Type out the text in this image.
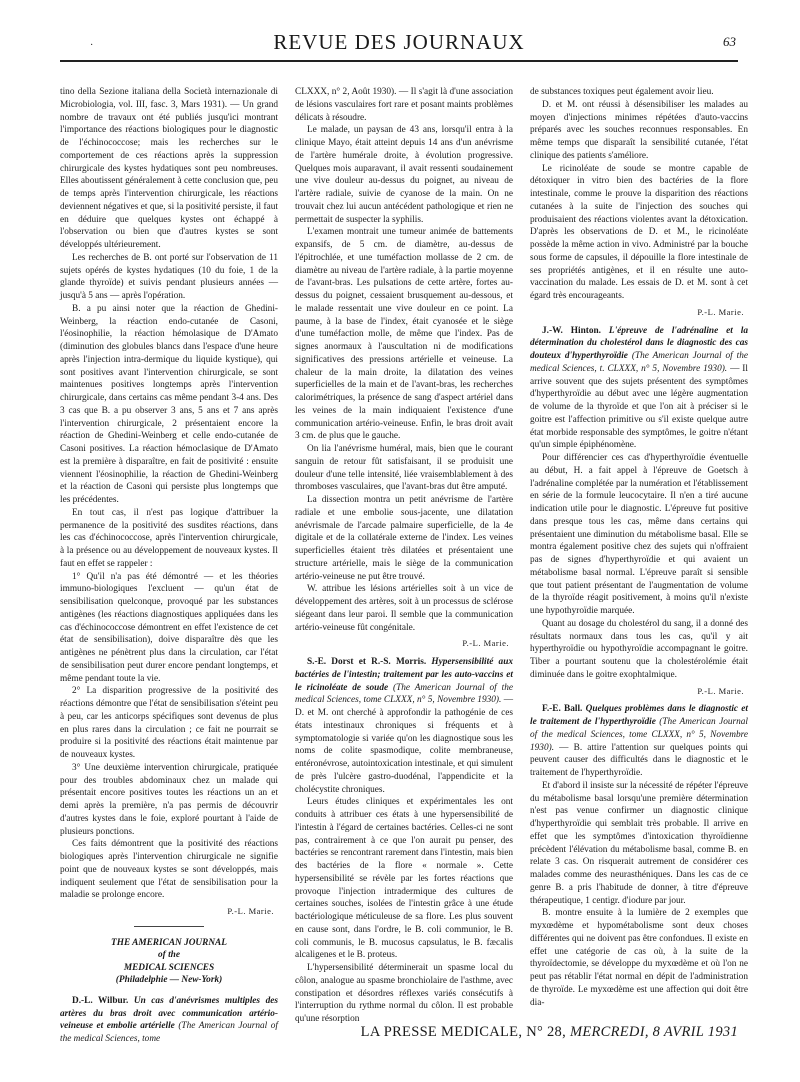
·	REVUE DES JOURNAUX	63

tino della Sezione italiana della Società internazionale di Microbiologia, vol. III, fasc. 3, Mars 1931). — Un grand nombre de travaux ont été publiés jusqu'ici montrant l'importance des réactions biologiques pour le diagnostic de l'échinococcose; mais les recherches sur le comportement de ces réactions après la suppression chirurgicale des kystes hydatiques sont peu nombreuses. Elles aboutissent généralement à cette conclusion que, peu de temps après l'intervention chirurgicale, les réactions deviennent négatives et que, si la positivité persiste, il faut en déduire que quelques kystes ont échappé à l'observation ou bien que d'autres kystes se sont développés ultérieurement.

Les recherches de B. ont porté sur l'observation de 11 sujets opérés de kystes hydatiques (10 du foie, 1 de la glande thyroïde) et suivis pendant plusieurs années — jusqu'à 5 ans — après l'opération.

B. a pu ainsi noter que la réaction de Ghedini-Weinberg, la réaction endo-cutanée de Casoni, l'éosinophilie, la réaction hémolasique de D'Amato (diminution des globules blancs dans l'espace d'une heure après l'injection intra-dermique du liquide kystique), qui sont positives avant l'intervention chirurgicale, se sont maintenues positives longtemps après l'intervention chirurgicale, dans certains cas même pendant 3-4 ans. Des 3 cas que B. a pu observer 3 ans, 5 ans et 7 ans après l'intervention chirurgicale, 2 présentaient encore la réaction de Ghedini-Weinberg et celle endo-cutanée de Casoni positives. La réaction hémoclasique de D'Amato est la première à disparaître, en fait de positivité : ensuite viennent l'éosinophilie, la réaction de Ghedini-Weinberg et la réaction de Casoni qui persiste plus longtemps que les précédentes.

En tout cas, il n'est pas logique d'attribuer la permanence de la positivité des susdites réactions, dans les cas d'échinococcose, après l'intervention chirurgicale, à la présence ou au développement de nouveaux kystes. Il faut en effet se rappeler :

1° Qu'il n'a pas été démontré — et les théories immuno-biologiques l'excluent — qu'un état de sensibilisation quelconque, provoqué par les substances antigènes (les réactions diagnostiques appliquées dans les cas d'échinococcose démontrent en effet l'existence de cet état de sensibilisation), doive disparaître dès que les antigènes ne pénètrent plus dans la circulation, car l'état de sensibilisation peut durer encore pendant longtemps, et même pendant toute la vie.

2° La disparition progressive de la positivité des réactions démontre que l'état de sensibilisation s'éteint peu à peu, car les anticorps spécifiques sont devenus de plus en plus rares dans la circulation ; ce fait ne pourrait se produire si la positivité des réactions était maintenue par de nouveaux kystes.

3° Une deuxième intervention chirurgicale, pratiquée pour des troubles abdominaux chez un malade qui présentait encore positives toutes les réactions un an et demi après la première, n'a pas permis de découvrir d'autres kystes dans le foie, exploré pourtant à l'aide de plusieurs ponctions.

Ces faits démontrent que la positivité des réactions biologiques après l'intervention chirurgicale ne signifie point que de nouveaux kystes se sont développés, mais indiquent seulement que l'état de sensibilisation pour la maladie se prolonge encore.

P.-L. Marie.
THE AMERICAN JOURNAL
of the
MEDICAL SCIENCES
(Philadelphie — New-York)

D.-L. Wilbur. Un cas d'anévrismes multiples des artères du bras droit avec communication artério-veineuse et embolie artérielle (The American Journal of the medical Sciences, tome

CLXXX, n° 2, Août 1930). — Il s'agit là d'une association de lésions vasculaires fort rare et posant maints problèmes délicats à résoudre.

Le malade, un paysan de 43 ans, lorsqu'il entra à la clinique Mayo, était atteint depuis 14 ans d'un anévrisme de l'artère humérale droite, à évolution progressive. Quelques mois auparavant, il avait ressenti soudainement une vive douleur au-dessus du poignet, au niveau de l'artère radiale, suivie de cyanose de la main. On ne trouvait chez lui aucun antécédent pathologique et rien ne permettait de suspecter la syphilis.

L'examen montrait une tumeur animée de battements expansifs, de 5 cm. de diamètre, au-dessus de l'épitrochlée, et une tuméfaction mollasse de 2 cm. de diamètre au niveau de l'artère radiale, à la partie moyenne de l'avant-bras. Les pulsations de cette artère, fortes au-dessus du poignet, cessaient brusquement au-dessous, et le malade ressentait une vive douleur en ce point. La paume, à la base de l'index, était cyanosée et le siège d'une tuméfaction molle, de même que l'index. Pas de signes anormaux à l'auscultation ni de modifications significatives des pressions artérielle et veineuse. La chaleur de la main droite, la dilatation des veines superficielles de la main et de l'avant-bras, les recherches calorimétriques, la présence de sang d'aspect artériel dans les veines de la main indiquaient l'existence d'une communication artério-veineuse. Enfin, le bras droit avait 3 cm. de plus que le gauche.

On lia l'anévrisme huméral, mais, bien que le courant sanguin de retour fût satisfaisant, il se produisit une douleur d'une telle intensité, liée vraisemblablement à des thromboses vasculaires, que l'avant-bras dut être amputé.

La dissection montra un petit anévrisme de l'artère radiale et une embolie sous-jacente, une dilatation anévrismale de l'arcade palmaire superficielle, de la 4e digitale et de la collatérale externe de l'index. Les veines superficielles étaient très dilatées et présentaient une structure artérielle, mais le siège de la communication artério-veineuse ne put être trouvé.

W. attribue les lésions artérielles soit à un vice de développement des artères, soit à un processus de sclérose siégeant dans leur paroi. Il semble que la communication artério-veineuse fût congénitale.

P.-L. Marie.

S.-E. Dorst et R.-S. Morris. Hypersensibilité aux bactéries de l'intestin; traitement par les auto-vaccins et le ricinoléate de soude (The American Journal of the medical Sciences, tome CLXXX, n° 5, Novembre 1930). — D. et M. ont cherché à approfondir la pathogénie de ces états intestinaux chroniques si fréquents et à symptomatologie si variée qu'on les diagnostique sous les noms de colite spasmodique, colite membraneuse, entéronévrose, autointoxication intestinale, et qui simulent de près l'ulcère gastro-duodénal, l'appendicite et la cholécystite chroniques.

Leurs études cliniques et expérimentales les ont conduits à attribuer ces états à une hypersensibilité de l'intestin à l'égard de certaines bactéries. Celles-ci ne sont pas, contrairement à ce que l'on aurait pu penser, des bactéries se rencontrant rarement dans l'intestin, mais bien des bactéries de la flore « normale ». Cette hypersensibilité se révèle par les fortes réactions que provoque l'injection intradermique des cultures de certaines souches, isolées de l'intestin grâce à une étude bactériologique méticuleuse de sa flore. Les plus souvent en cause sont, dans l'ordre, le B. coli communior, le B. coli communis, le B. mucosus capsulatus, le B. fæcalis alcaligenes et le B. proteus.

L'hypersensibilité déterminerait un spasme local du côlon, analogue au spasme bronchiolaire de l'asthme, avec constipation et désordres réflexes variés consécutifs à l'interruption du rythme normal du côlon. Il est probable qu'une résorption

de substances toxiques peut également avoir lieu.

D. et M. ont réussi à désensibiliser les malades au moyen d'injections minimes répétées d'auto-vaccins préparés avec les souches reconnues responsables. En même temps que disparaît la sensibilité cutanée, l'état clinique des patients s'améliore.

Le ricinoléate de soude se montre capable de détoxiquer in vitro bien des bactéries de la flore intestinale, comme le prouve la disparition des réactions cutanées à la suite de l'injection des souches qui produisaient des réactions violentes avant la détoxication. D'après les observations de D. et M., le ricinoléate possède la même action in vivo. Administré par la bouche sous forme de capsules, il dépouille la flore intestinale de ses propriétés antigènes, et il en résulte une auto-vaccination du malade. Les essais de D. et M. sont à cet égard très encourageants.

P.-L. Marie.

J.-W. Hinton. L'épreuve de l'adrénaline et la détermination du cholestérol dans le diagnostic des cas douteux d'hyperthyroïdie (The American Journal of the medical Sciences, t. CLXXX, n° 5, Novembre 1930). — Il arrive souvent que des sujets présentent des symptômes d'hyperthyroïdie au début avec une légère augmentation de volume de la thyroïde et que l'on ait à préciser si le goitre est l'affection primitive ou s'il existe quelque autre état morbide responsable des symptômes, le goitre n'étant qu'un simple épiphénomène.

Pour différencier ces cas d'hyperthyroïdie éventuelle au début, H. a fait appel à l'épreuve de Goetsch à l'adrénaline complétée par la numération et l'établissement en série de la formule leucocytaire. Il n'en a tiré aucune indication utile pour le diagnostic. L'épreuve fut positive dans presque tous les cas, même dans certains qui présentaient une diminution du métabolisme basal. Elle se montra également positive chez des sujets qui n'offraient pas de signes d'hyperthyroïdie et qui avaient un métabolisme basal normal. L'épreuve paraît si sensible que tout patient présentant de l'augmentation de volume de la thyroïde réagit positivement, à moins qu'il n'existe une hypothyroïdie marquée.

Quant au dosage du cholestérol du sang, il a donné des résultats normaux dans tous les cas, qu'il y ait hyperthyroïdie ou hypothyroïdie accompagnant le goitre. Tiber a pourtant soutenu que la cholestérolémie était diminuée dans le goitre exophtalmique.

P.-L. Marie.

F.-E. Ball. Quelques problèmes dans le diagnostic et le traitement de l'hyperthyroïdie (The American Journal of the medical Sciences, tome CLXXX, n° 5, Novembre 1930). — B. attire l'attention sur quelques points qui peuvent causer des difficultés dans le diagnostic et le traitement de l'hyperthyroïdie.

Et d'abord il insiste sur la nécessité de répéter l'épreuve du métabolisme basal lorsqu'une première détermination n'est pas venue confirmer un diagnostic clinique d'hyperthyroïdie qui semblait très probable. Il arrive en effet que les symptômes d'intoxication thyroïdienne précèdent l'élévation du métabolisme basal, comme B. en relate 3 cas. On risquerait autrement de considérer ces malades comme des neurasthéniques. Dans les cas de ce genre B. a pris l'habitude de donner, à titre d'épreuve thérapeutique, 1 centigr. d'iodure par jour.

B. montre ensuite à la lumière de 2 exemples que myxœdème et hypométabolisme sont deux choses différentes qui ne doivent pas être confondues. Il existe en effet une catégorie de cas où, à la suite de la thyroïdectomie, se développe du myxœdème et où l'on ne peut pas rétablir l'état normal en dépit de l'administration de thyroïde. Le myxœdème est une affection qui doit être dia-

LA PRESSE MEDICALE, N° 28, MERCREDI, 8 AVRIL 1931
